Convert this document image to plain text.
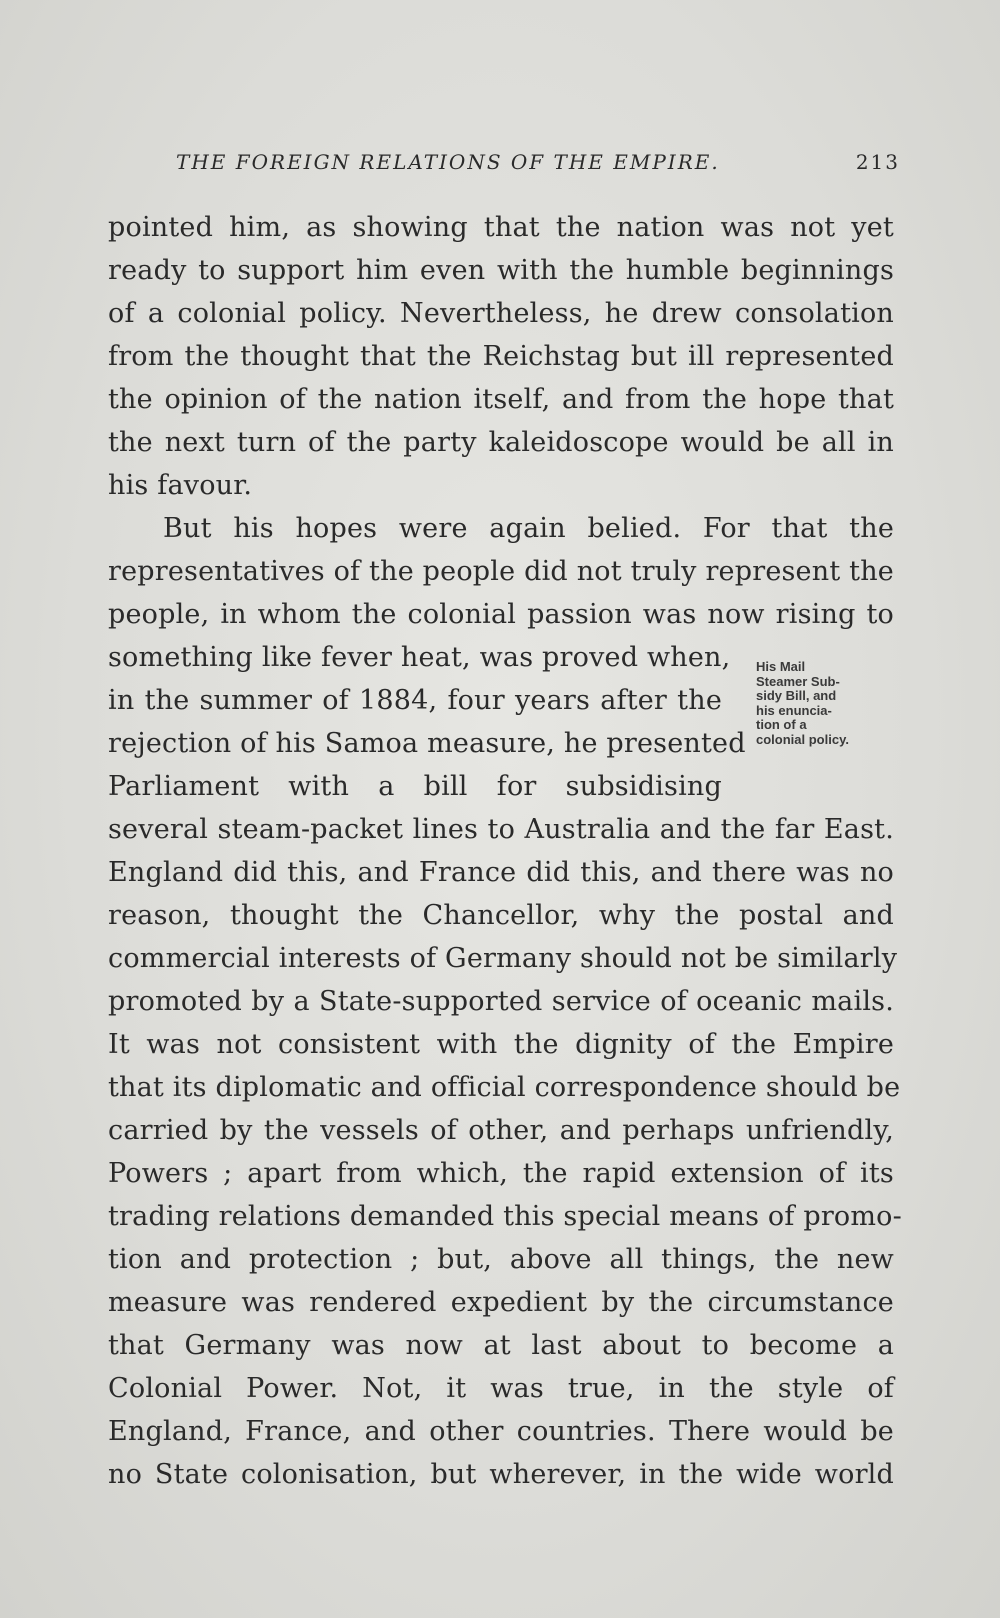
THE FOREIGN RELATIONS OF THE EMPIRE.	213
pointed him, as showing that the nation was not yet
ready to support him even with the humble beginnings
of a colonial policy. Nevertheless, he drew consolation
from the thought that the Reichstag but ill represented
the opinion of the nation itself, and from the hope that
the next turn of the party kaleidoscope would be all in
his favour.
But his hopes were again belied. For that the
representatives of the people did not truly represent the
people, in whom the colonial passion was now rising to
something like fever heat, was proved when,
in the summer of 1884, four years after the
rejection of his Samoa measure, he presented
Parliament with a bill for subsidising
several steam-packet lines to Australia and the far East.
England did this, and France did this, and there was no
reason, thought the Chancellor, why the postal and
commercial interests of Germany should not be similarly
promoted by a State-supported service of oceanic mails.
It was not consistent with the dignity of the Empire
that its diplomatic and official correspondence should be
carried by the vessels of other, and perhaps unfriendly,
Powers ; apart from which, the rapid extension of its
trading relations demanded this special means of promo-
tion and protection ; but, above all things, the new
measure was rendered expedient by the circumstance
that Germany was now at last about to become a
Colonial Power. Not, it was true, in the style of
England, France, and other countries. There would be
no State colonisation, but wherever, in the wide world
His Mail
Steamer Sub-
sidy Bill, and
his enuncia-
tion of a
colonial policy.
